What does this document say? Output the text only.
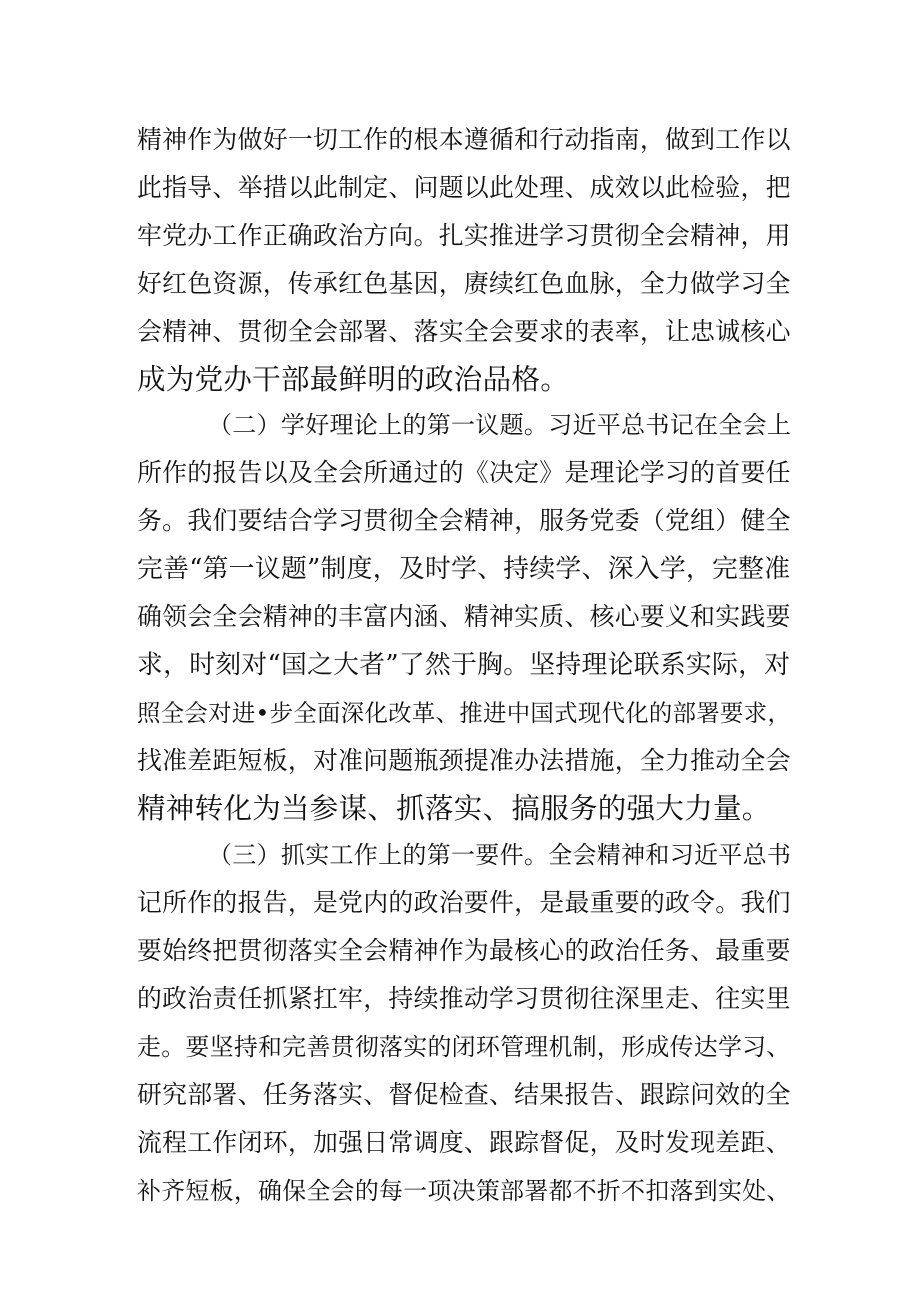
精神作为做好一切工作的根本遵循和行动指南，做到工作以
此指导、举措以此制定、问题以此处理、成效以此检验，把
牢党办工作正确政治方向。扎实推进学习贯彻全会精神，用
好红色资源，传承红色基因，赓续红色血脉，全力做学习全
会精神、贯彻全会部署、落实全会要求的表率，让忠诚核心
成为党办干部最鲜明的政治品格。
（二）学好理论上的第一议题。习近平总书记在全会上
所作的报告以及全会所通过的《决定》是理论学习的首要任
务。我们要结合学习贯彻全会精神，服务党委（党组）健全
完善“第一议题”制度，及时学、持续学、深入学，完整准
确领会全会精神的丰富内涵、精神实质、核心要义和实践要
求，时刻对“国之大者”了然于胸。坚持理论联系实际，对
照全会对进•步全面深化改革、推进中国式现代化的部署要求，
找准差距短板，对准问题瓶颈提准办法措施，全力推动全会
精神转化为当参谋、抓落实、搞服务的强大力量。
（三）抓实工作上的第一要件。全会精神和习近平总书
记所作的报告，是党内的政治要件，是最重要的政令。我们
要始终把贯彻落实全会精神作为最核心的政治任务、最重要
的政治责任抓紧扛牢，持续推动学习贯彻往深里走、往实里
走。要坚持和完善贯彻落实的闭环管理机制，形成传达学习、
研究部署、任务落实、督促检查、结果报告、跟踪问效的全
流程工作闭环，加强日常调度、跟踪督促，及时发现差距、
补齐短板，确保全会的每一项决策部署都不折不扣落到实处、
